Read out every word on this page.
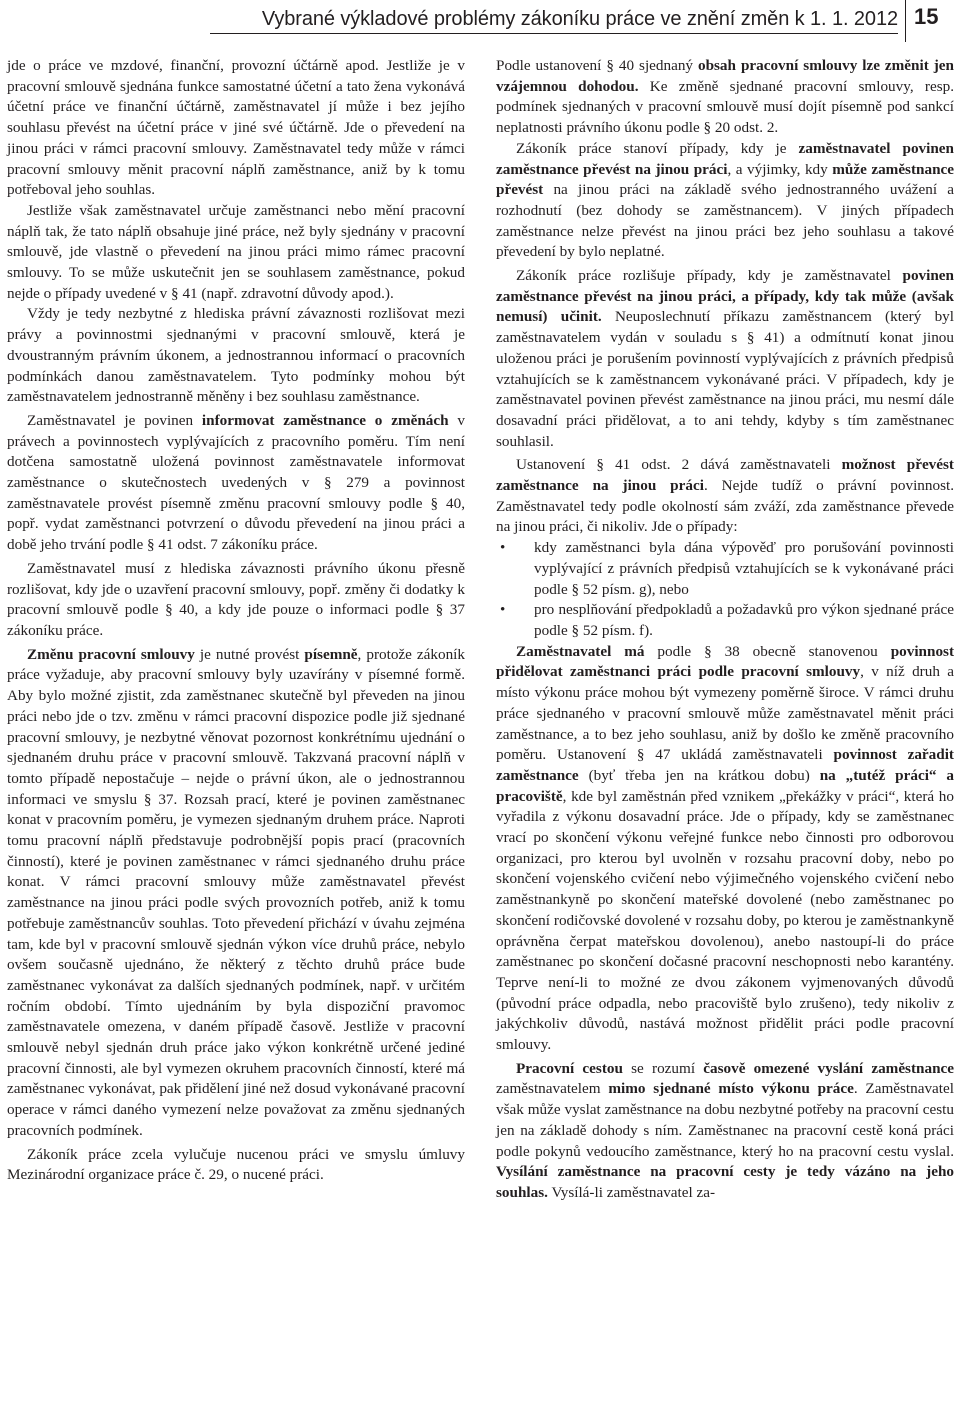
Vybrané výkladové problémy zákoníku práce ve znění změn k 1. 1. 2012 15

jde o práce ve mzdové, finanční, provozní účtárně apod. Jestliže je v pracovní smlouvě sjednána funkce samostatné účetní a tato žena vykonává účetní práce ve finanční účtárně, zaměstnavatel jí může i bez jejího souhlasu převést na účetní práce v jiné své účtárně. Jde o převedení na jinou práci v rámci pracovní smlouvy. Zaměstnavatel tedy může v rámci pracovní smlouvy měnit pracovní náplň zaměstnance, aniž by k tomu potřeboval jeho souhlas.

Jestliže však zaměstnavatel určuje zaměstnanci nebo mění pracovní náplň tak, že tato náplň obsahuje jiné práce, než byly sjednány v pracovní smlouvě, jde vlastně o převedení na jinou práci mimo rámec pracovní smlouvy. To se může uskutečnit jen se souhlasem zaměstnance, pokud nejde o případy uvedené v § 41 (např. zdravotní důvody apod.).

Vždy je tedy nezbytné z hlediska právní závaznosti rozlišovat mezi právy a povinnostmi sjednanými v pracovní smlouvě, která je dvoustranným právním úkonem, a jednostrannou informací o pracovních podmínkách danou zaměstnavatelem. Tyto podmínky mohou být zaměstnavatelem jednostranně měněny i bez souhlasu zaměstnance.

Zaměstnavatel je povinen informovat zaměstnance o změnách v právech a povinnostech vyplývajících z pracovního poměru. Tím není dotčena samostatně uložená povinnost zaměstnavatele informovat zaměstnance o skutečnostech uvedených v § 279 a povinnost zaměstnavatele provést písemně změnu pracovní smlouvy podle § 40, popř. vydat zaměstnanci potvrzení o důvodu převedení na jinou práci a době jeho trvání podle § 41 odst. 7 zákoníku práce.

Zaměstnavatel musí z hlediska závaznosti právního úkonu přesně rozlišovat, kdy jde o uzavření pracovní smlouvy, popř. změny či dodatky k pracovní smlouvě podle § 40, a kdy jde pouze o informaci podle § 37 zákoníku práce.

Změnu pracovní smlouvy je nutné provést písemně, protože zákoník práce vyžaduje, aby pracovní smlouvy byly uzavírány v písemné formě. Aby bylo možné zjistit, zda zaměstnanec skutečně byl převeden na jinou práci nebo jde o tzv. změnu v rámci pracovní dispozice podle již sjednané pracovní smlouvy, je nezbytné věnovat pozornost konkrétnímu ujednání o sjednaném druhu práce v pracovní smlouvě. Takzvaná pracovní náplň v tomto případě nepostačuje – nejde o právní úkon, ale o jednostrannou informaci ve smyslu § 37. Rozsah prací, které je povinen zaměstnanec konat v pracovním poměru, je vymezen sjednaným druhem práce. Naproti tomu pracovní náplň představuje podrobnější popis prací (pracovních činností), které je povinen zaměstnanec v rámci sjednaného druhu práce konat. V rámci pracovní smlouvy může zaměstnavatel převést zaměstnance na jinou práci podle svých provozních potřeb, aniž k tomu potřebuje zaměstnancův souhlas. Toto převedení přichází v úvahu zejména tam, kde byl v pracovní smlouvě sjednán výkon více druhů práce, nebylo ovšem současně ujednáno, že některý z těchto druhů práce bude zaměstnanec vykonávat za dalších sjednaných podmínek, např. v určitém ročním období. Tímto ujednáním by byla dispoziční pravomoc zaměstnavatele omezena, v daném případě časově. Jestliže v pracovní smlouvě nebyl sjednán druh práce jako výkon konkrétně určené jediné pracovní činnosti, ale byl vymezen okruhem pracovních činností, které má zaměstnanec vykonávat, pak přidělení jiné než dosud vykonávané pracovní operace v rámci daného vymezení nelze považovat za změnu sjednaných pracovních podmínek.

Zákoník práce zcela vylučuje nucenou práci ve smyslu úmluvy Mezinárodní organizace práce č. 29, o nucené práci.

Podle ustanovení § 40 sjednaný obsah pracovní smlouvy lze změnit jen vzájemnou dohodou. Ke změně sjednané pracovní smlouvy, resp. podmínek sjednaných v pracovní smlouvě musí dojít písemně pod sankcí neplatnosti právního úkonu podle § 20 odst. 2.

Zákoník práce stanoví případy, kdy je zaměstnavatel povinen zaměstnance převést na jinou práci, a výjimky, kdy může zaměstnance převést na jinou práci na základě svého jednostranného uvážení a rozhodnutí (bez dohody se zaměstnancem). V jiných případech zaměstnance nelze převést na jinou práci bez jeho souhlasu a takové převedení by bylo neplatné.

Zákoník práce rozlišuje případy, kdy je zaměstnavatel povinen zaměstnance převést na jinou práci, a případy, kdy tak může (avšak nemusí) učinit. Neuposlechnutí příkazu zaměstnancem (který byl zaměstnavatelem vydán v souladu s § 41) a odmítnutí konat jinou uloženou práci je porušením povinností vyplývajících z právních předpisů vztahujících se k zaměstnancem vykonávané práci. V případech, kdy je zaměstnavatel povinen převést zaměstnance na jinou práci, mu nesmí dále dosavadní práci přidělovat, a to ani tehdy, kdyby s tím zaměstnanec souhlasil.

Ustanovení § 41 odst. 2 dává zaměstnavateli možnost převést zaměstnance na jinou práci. Nejde tudíž o právní povinnost. Zaměstnavatel tedy podle okolností sám zváží, zda zaměstnance převede na jinou práci, či nikoliv. Jde o případy:

• kdy zaměstnanci byla dána výpověď pro porušování povinnosti vyplývající z právních předpisů vztahujících se k vykonávané práci podle § 52 písm. g), nebo
• pro nesplňování předpokladů a požadavků pro výkon sjednané práce podle § 52 písm. f).

Zaměstnavatel má podle § 38 obecně stanovenou povinnost přidělovat zaměstnanci práci podle pracovní smlouvy, v níž druh a místo výkonu práce mohou být vymezeny poměrně široce. V rámci druhu práce sjednaného v pracovní smlouvě může zaměstnavatel měnit práci zaměstnance, a to bez jeho souhlasu, aniž by došlo ke změně pracovního poměru. Ustanovení § 47 ukládá zaměstnavateli povinnost zařadit zaměstnance (byť třeba jen na krátkou dobu) na „tutéž práci“ a pracoviště, kde byl zaměstnán před vznikem „překážky v práci“, která ho vyřadila z výkonu dosavadní práce. Jde o případy, kdy se zaměstnanec vrací po skončení výkonu veřejné funkce nebo činnosti pro odborovou organizaci, pro kterou byl uvolněn v rozsahu pracovní doby, nebo po skončení vojenského cvičení nebo výjimečného vojenského cvičení nebo zaměstnankyně po skončení mateřské dovolené (nebo zaměstnanec po skončení rodičovské dovolené v rozsahu doby, po kterou je zaměstnankyně oprávněna čerpat mateřskou dovolenou), anebo nastoupí-li do práce zaměstnanec po skončení dočasné pracovní neschopnosti nebo karantény. Teprve není-li to možné ze dvou zákonem vyjmenovaných důvodů (původní práce odpadla, nebo pracoviště bylo zrušeno), tedy nikoliv z jakýchkoliv důvodů, nastává možnost přidělit práci podle pracovní smlouvy.

Pracovní cestou se rozumí časově omezené vyslání zaměstnance zaměstnavatelem mimo sjednané místo výkonu práce. Zaměstnavatel však může vyslat zaměstnance na dobu nezbytné potřeby na pracovní cestu jen na základě dohody s ním. Zaměstnanec na pracovní cestě koná práci podle pokynů vedoucího zaměstnance, který ho na pracovní cestu vyslal. Vysílání zaměstnance na pracovní cesty je tedy vázáno na jeho souhlas. Vysílá-li zaměstnavatel za-
